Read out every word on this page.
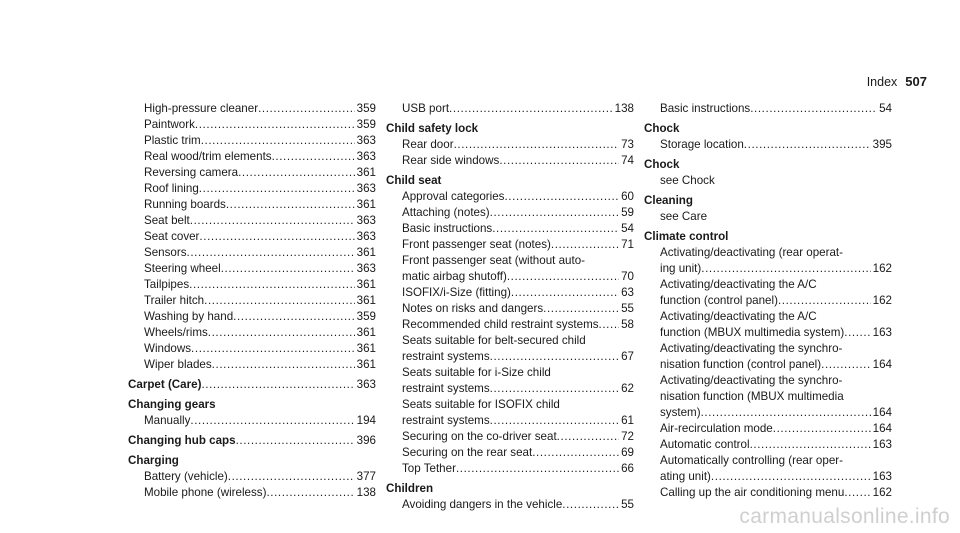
Index 507
High-pressure cleaner .....	359
Paintwork .....	359
Plastic trim .....	363
Real wood/trim elements .....	363
Reversing camera .....	361
Roof lining .....	363
Running boards .....	361
Seat belt .....	363
Seat cover .....	363
Sensors .....	361
Steering wheel .....	363
Tailpipes .....	361
Trailer hitch .....	361
Washing by hand .....	359
Wheels/rims .....	361
Windows .....	361
Wiper blades .....	361
Carpet (Care) .....	363
Changing gears
Manually .....	194
Changing hub caps .....	396
Charging
Battery (vehicle) .....	377
Mobile phone (wireless) .....	138
USB port .....	138
Child safety lock
Rear door .....	73
Rear side windows .....	74
Child seat
Approval categories .....	60
Attaching (notes) .....	59
Basic instructions .....	54
Front passenger seat (notes) .....	71
Front passenger seat (without auto-
matic airbag shutoff) .....	70
ISOFIX/i-Size (fitting) .....	63
Notes on risks and dangers .....	55
Recommended child restraint systems ..... 58
Seats suitable for belt-secured child
restraint systems .....	67
Seats suitable for i-Size child
restraint systems .....	62
Seats suitable for ISOFIX child
restraint systems .....	61
Securing on the co-driver seat .....	72
Securing on the rear seat .....	69
Top Tether .....	66
Children
Avoiding dangers in the vehicle .....	55
Basic instructions .....	54
Chock
Storage location .....	395
Chock
see Chock
Cleaning
see Care
Climate control
Activating/deactivating (rear operat-
ing unit) .....	162
Activating/deactivating the A/C
function (control panel) .....	162
Activating/deactivating the A/C
function (MBUX multimedia system) ..... 163
Activating/deactivating the synchro-
nisation function (control panel) .....	164
Activating/deactivating the synchro-
nisation function (MBUX multimedia
system) .....	164
Air-recirculation mode .....	164
Automatic control .....	163
Automatically controlling (rear oper-
ating unit) .....	163
Calling up the air conditioning menu ..... 162
carmanualsonline.info
